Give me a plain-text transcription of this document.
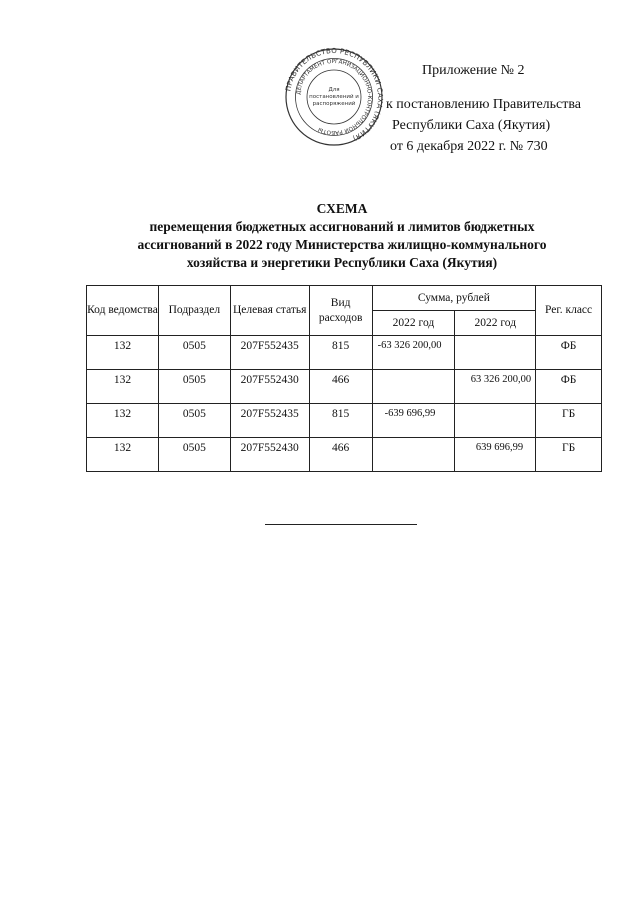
ПРАВИТЕЛЬСТВО РЕСПУБЛИКИ САХА (ЯКУТИЯ)
ДЕПАРТАМЕНТ ОРГАНИЗАЦИОННО-КОНТРОЛЬНОЙ РАБОТЫ
Для
постановлений и
распоряжений
Приложение № 2
к постановлению Правительства
Республики Саха (Якутия)
от 6 декабря 2022 г. № 730
СХЕМА
перемещения бюджетных ассигнований и лимитов бюджетных
ассигнований в 2022 году Министерства жилищно-коммунального
хозяйства и энергетики Республики Саха (Якутия)
Код ведомства	Подраздел	Целевая статья	Вид расходов	Сумма, рублей		Рег. класс
				2022 год	2022 год	
132	0505	207F552435	815	-63 326 200,00		ФБ
132	0505	207F552430	466		63 326 200,00	ФБ
132	0505	207F552435	815	-639 696,99		ГБ
132	0505	207F552430	466		639 696,99	ГБ
